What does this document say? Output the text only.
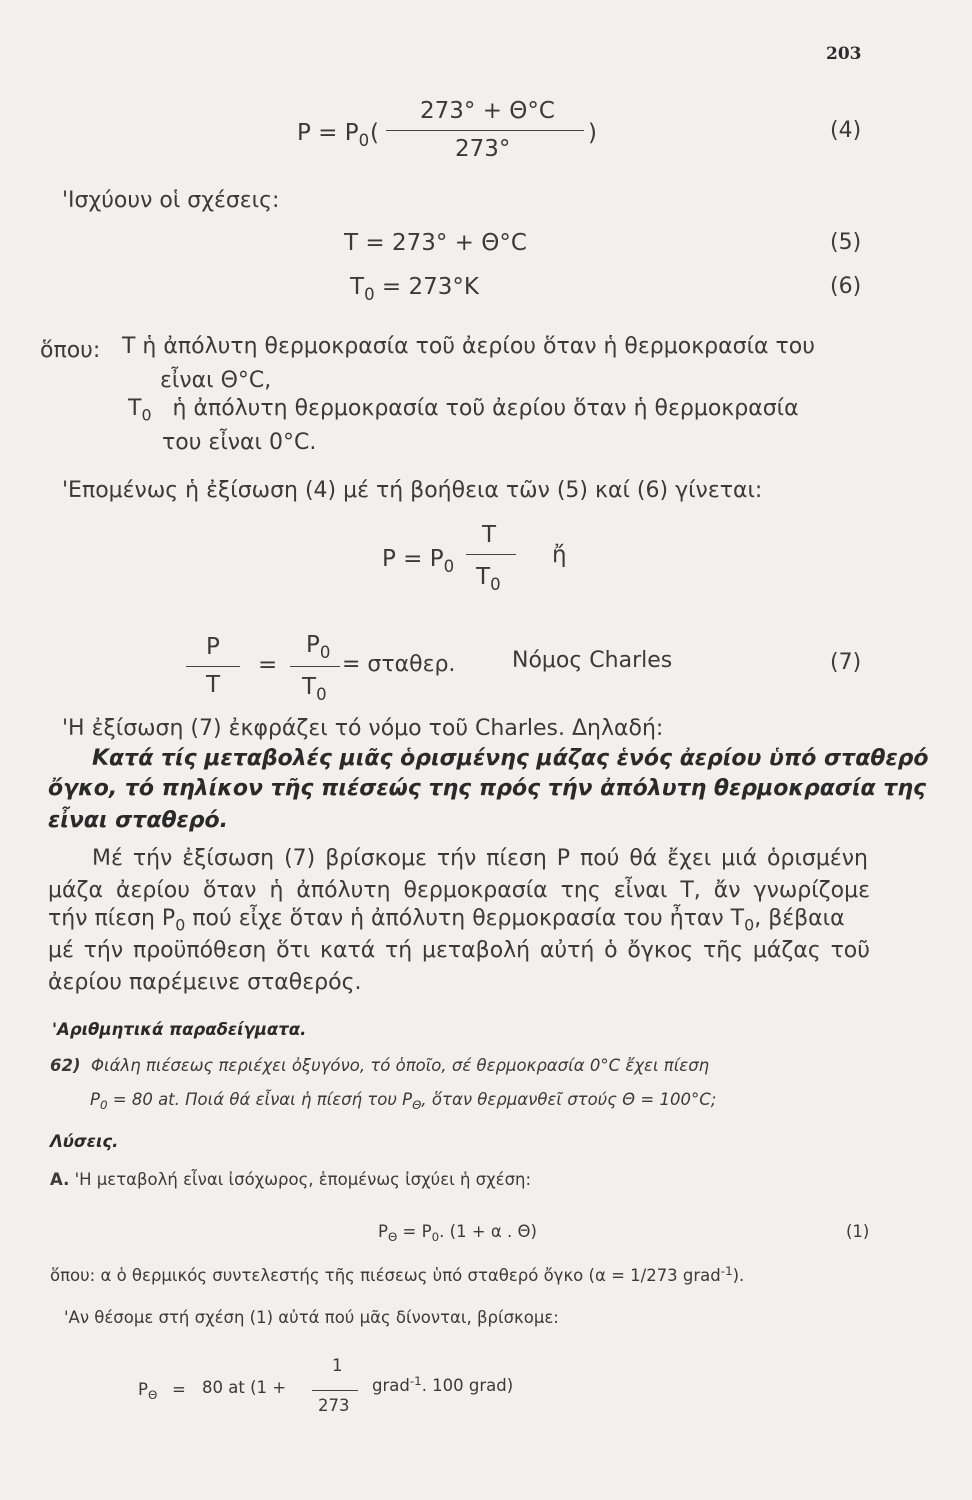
203
$P = P_0$ (
273° + Θ°C
273°
)	(4)
'Ισχύουν οἱ σχέσεις:
T = 273° + Θ°C	(5)
$T_0 = 273^\circ K$	(6)
ὅπου: T ἡ ἀπόλυτη θερμοκρασία τοῦ ἀερίου ὅταν ἡ θερμοκρασία του
εἶναι Θ°C,
$T_0$ ἡ ἀπόλυτη θερμοκρασία τοῦ ἀερίου ὅταν ἡ θερμοκρασία
του εἶναι 0°C.
'Επομένως ἡ ἐξίσωση (4) μέ τή βοήθεια τῶν (5) καί (6) γίνεται:
$P = P_0$
T
$T_0$
ἤ
P
T
=
$P_0$
$T_0$
= σταθερ.	Νόμος Charles	(7)
'Η ἐξίσωση (7) ἐκφράζει τό νόμο τοῦ Charles. Δηλαδή:
Κατά τίς μεταβολές μιᾶς ὁρισμένης μάζας ἑνός ἀερίου ὑπό σταθερό
ὄγκο, τό πηλίκον τῆς πιέσεώς της πρός τήν ἀπόλυτη θερμοκρασία της
εἶναι σταθερό.
Μέ τήν ἐξίσωση (7) βρίσκομε τήν πίεση P πού θά ἔχει μιά ὁρισμένη
μάζα ἀερίου ὅταν ἡ ἀπόλυτη θερμοκρασία της εἶναι T, ἄν γνωρίζομε
τήν πίεση $P_0$ πού εἶχε ὅταν ἡ ἀπόλυτη θερμοκρασία του ἦταν $T_0$, βέβαια
μέ τήν προϋπόθεση ὅτι κατά τή μεταβολή αὐτή ὁ ὄγκος τῆς μάζας τοῦ
ἀερίου παρέμεινε σταθερός.
'Αριθμητικά παραδείγματα.
62) Φιάλη πιέσεως περιέχει ὀξυγόνο, τό ὁποῖο, σέ θερμοκρασία 0°C ἔχει πίεση
$P_0 = 80$ at. Ποιά θά εἶναι ἡ πίεσή του $P_\Theta$, ὅταν θερμανθεῖ στούς Θ = 100°C;
Λύσεις.
A. 'Η μεταβολή εἶναι ἰσόχωρος, ἑπομένως ἰσχύει ἡ σχέση:
$P_\Theta = P_0$. (1 + α . Θ)	(1)
ὅπου: α ὁ θερμικός συντελεστής τῆς πιέσεως ὑπό σταθερό ὄγκο (α = 1/273 grad$^{-1}$).
'Αν θέσομε στή σχέση (1) αὐτά πού μᾶς δίνονται, βρίσκομε:
$P_\Theta = 80$ at (1 +
1
273
grad$^{-1}$. 100 grad)
